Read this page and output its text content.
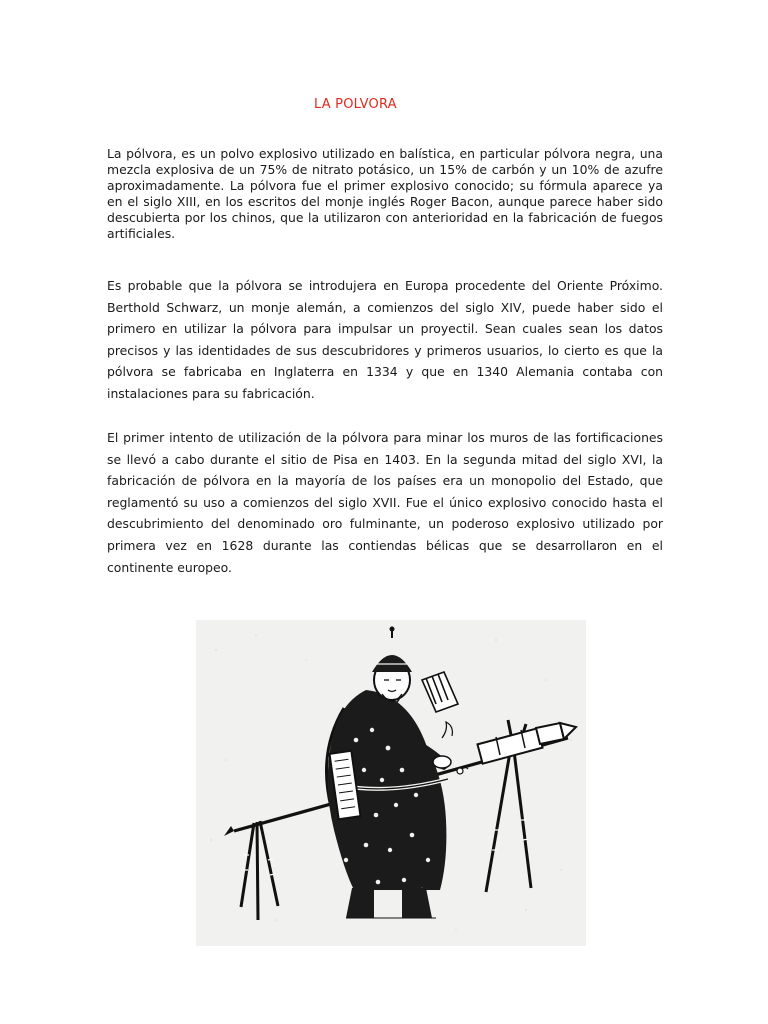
LA POLVORA

La pólvora, es un polvo explosivo utilizado en balística, en particular pólvora negra, una mezcla explosiva de un 75% de nitrato potásico, un 15% de carbón y un 10% de azufre aproximadamente. La pólvora fue el primer explosivo conocido; su fórmula aparece ya en el siglo XIII, en los escritos del monje inglés Roger Bacon, aunque parece haber sido descubierta por los chinos, que la utilizaron con anterioridad en la fabricación de fuegos artificiales.

Es probable que la pólvora se introdujera en Europa procedente del Oriente Próximo. Berthold Schwarz, un monje alemán, a comienzos del siglo XIV, puede haber sido el primero en utilizar la pólvora para impulsar un proyectil. Sean cuales sean los datos precisos y las identidades de sus descubridores y primeros usuarios, lo cierto es que la pólvora se fabricaba en Inglaterra en 1334 y que en 1340 Alemania contaba con instalaciones para su fabricación.

El primer intento de utilización de la pólvora para minar los muros de las fortificaciones se llevó a cabo durante el sitio de Pisa en 1403. En la segunda mitad del siglo XVI, la fabricación de pólvora en la mayoría de los países era un monopolio del Estado, que reglamentó su uso a comienzos del siglo XVII. Fue el único explosivo conocido hasta el descubrimiento del denominado oro fulminante, un poderoso explosivo utilizado por primera vez en 1628 durante las contiendas bélicas que se desarrollaron en el continente europeo.
